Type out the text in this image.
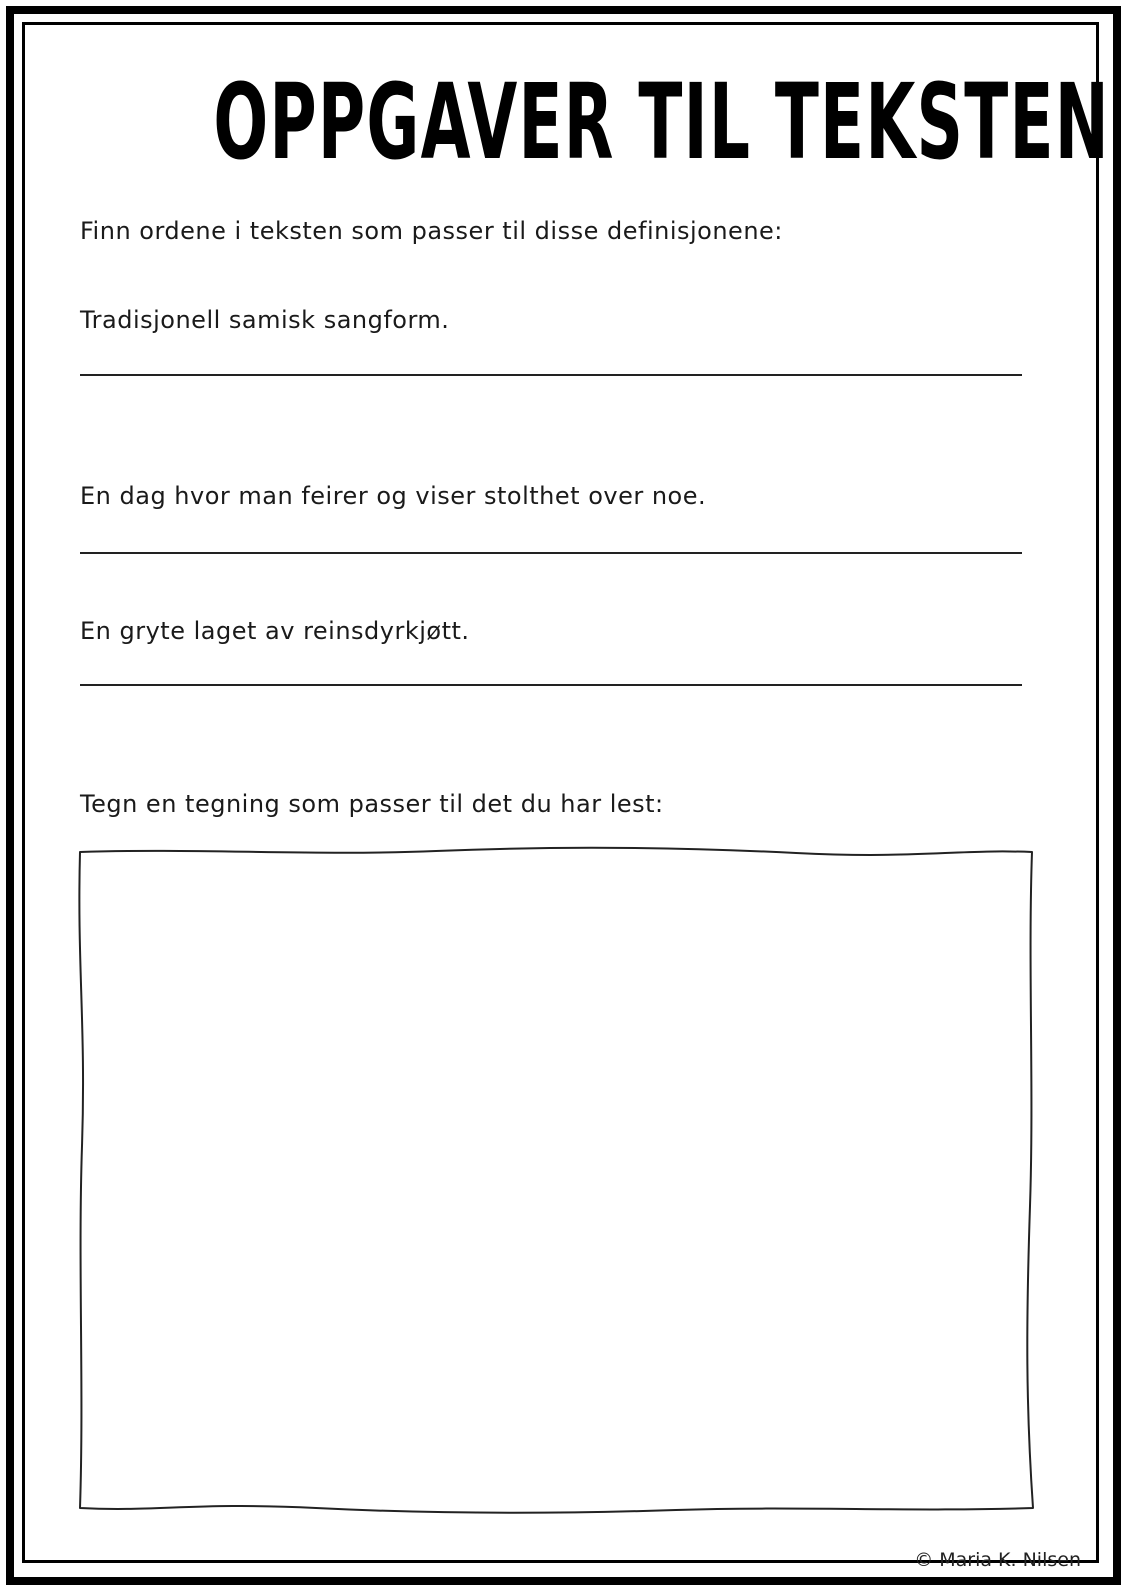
OPPGAVER TIL TEKSTEN
Finn ordene i teksten som passer til disse definisjonene:
Tradisjonell samisk sangform.
En dag hvor man feirer og viser stolthet over noe.
En gryte laget av reinsdyrkjøtt.
Tegn en tegning som passer til det du har lest:
© Maria K. Nilsen
